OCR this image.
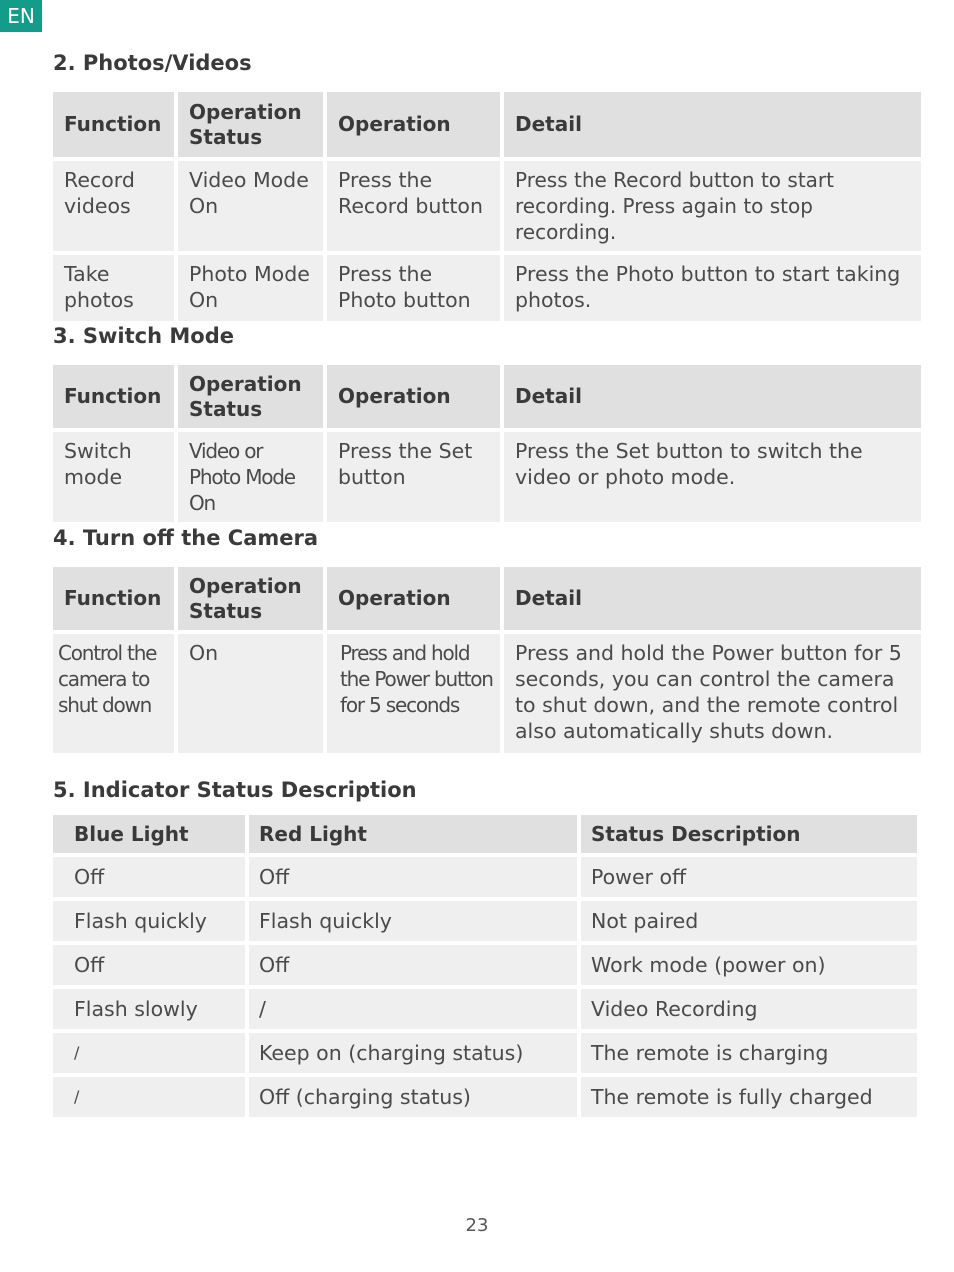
EN
2. Photos/Videos
Function	Operation Status	Operation	Detail
Record videos	Video Mode On	Press the Record button	Press the Record button to start recording. Press again to stop recording.
Take photos	Photo Mode On	Press the Photo button	Press the Photo button to start taking photos.
3. Switch Mode
Function	Operation Status	Operation	Detail
Switch mode	Video or Photo Mode On	Press the Set button	Press the Set button to switch the video or photo mode.
4. Turn off the Camera
Function	Operation Status	Operation	Detail
Control the camera to shut down	On	Press and hold the Power button for 5 seconds	Press and hold the Power button for 5 seconds, you can control the camera to shut down, and the remote control also automatically shuts down.
5. Indicator Status Description
Blue Light	Red Light	Status Description
Off	Off	Power off
Flash quickly	Flash quickly	Not paired
Off	Off	Work mode (power on)
Flash slowly	/	Video Recording
/	Keep on (charging status)	The remote is charging
/	Off (charging status)	The remote is fully charged
23
